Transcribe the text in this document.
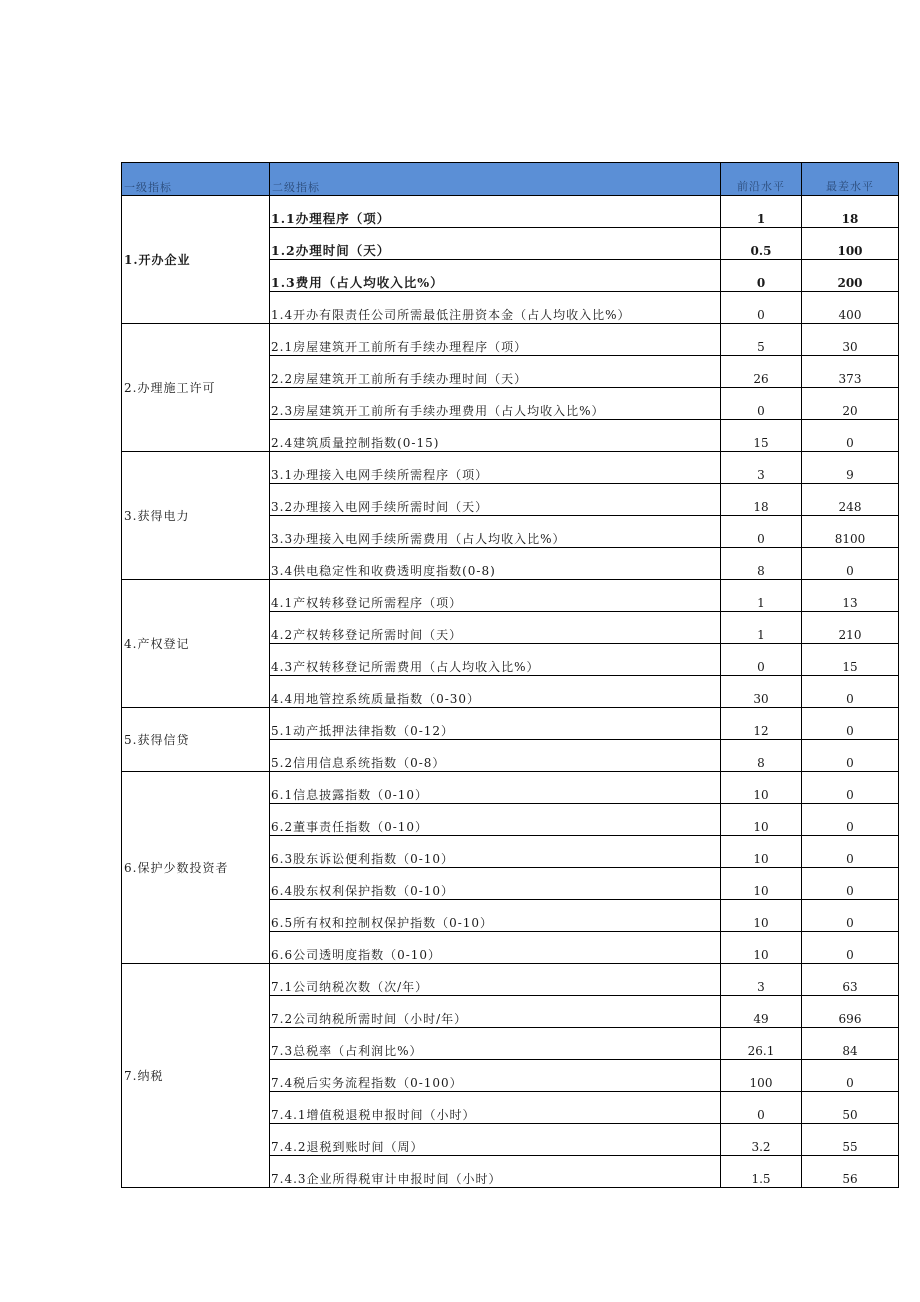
一级指标	二级指标	前沿水平	最差水平
1.开办企业	1.1办理程序（项）	1	18
	1.2办理时间（天）	0.5	100
	1.3费用（占人均收入比%）	0	200
	1.4开办有限责任公司所需最低注册资本金（占人均收入比%）	0	400
2.办理施工许可	2.1房屋建筑开工前所有手续办理程序（项）	5	30
	2.2房屋建筑开工前所有手续办理时间（天）	26	373
	2.3房屋建筑开工前所有手续办理费用（占人均收入比%）	0	20
	2.4建筑质量控制指数(0-15)	15	0
3.获得电力	3.1办理接入电网手续所需程序（项）	3	9
	3.2办理接入电网手续所需时间（天）	18	248
	3.3办理接入电网手续所需费用（占人均收入比%）	0	8100
	3.4供电稳定性和收费透明度指数(0-8)	8	0
4.产权登记	4.1产权转移登记所需程序（项）	1	13
	4.2产权转移登记所需时间（天）	1	210
	4.3产权转移登记所需费用（占人均收入比%）	0	15
	4.4用地管控系统质量指数（0-30）	30	0
5.获得信贷	5.1动产抵押法律指数（0-12）	12	0
	5.2信用信息系统指数（0-8）	8	0
6.保护少数投资者	6.1信息披露指数（0-10）	10	0
	6.2董事责任指数（0-10）	10	0
	6.3股东诉讼便利指数（0-10）	10	0
	6.4股东权利保护指数（0-10）	10	0
	6.5所有权和控制权保护指数（0-10）	10	0
	6.6公司透明度指数（0-10）	10	0
7.纳税	7.1公司纳税次数（次/年）	3	63
	7.2公司纳税所需时间（小时/年）	49	696
	7.3总税率（占利润比%）	26.1	84
	7.4税后实务流程指数（0-100）	100	0
	7.4.1增值税退税申报时间（小时）	0	50
	7.4.2退税到账时间（周）	3.2	55
	7.4.3企业所得税审计申报时间（小时）	1.5	56
